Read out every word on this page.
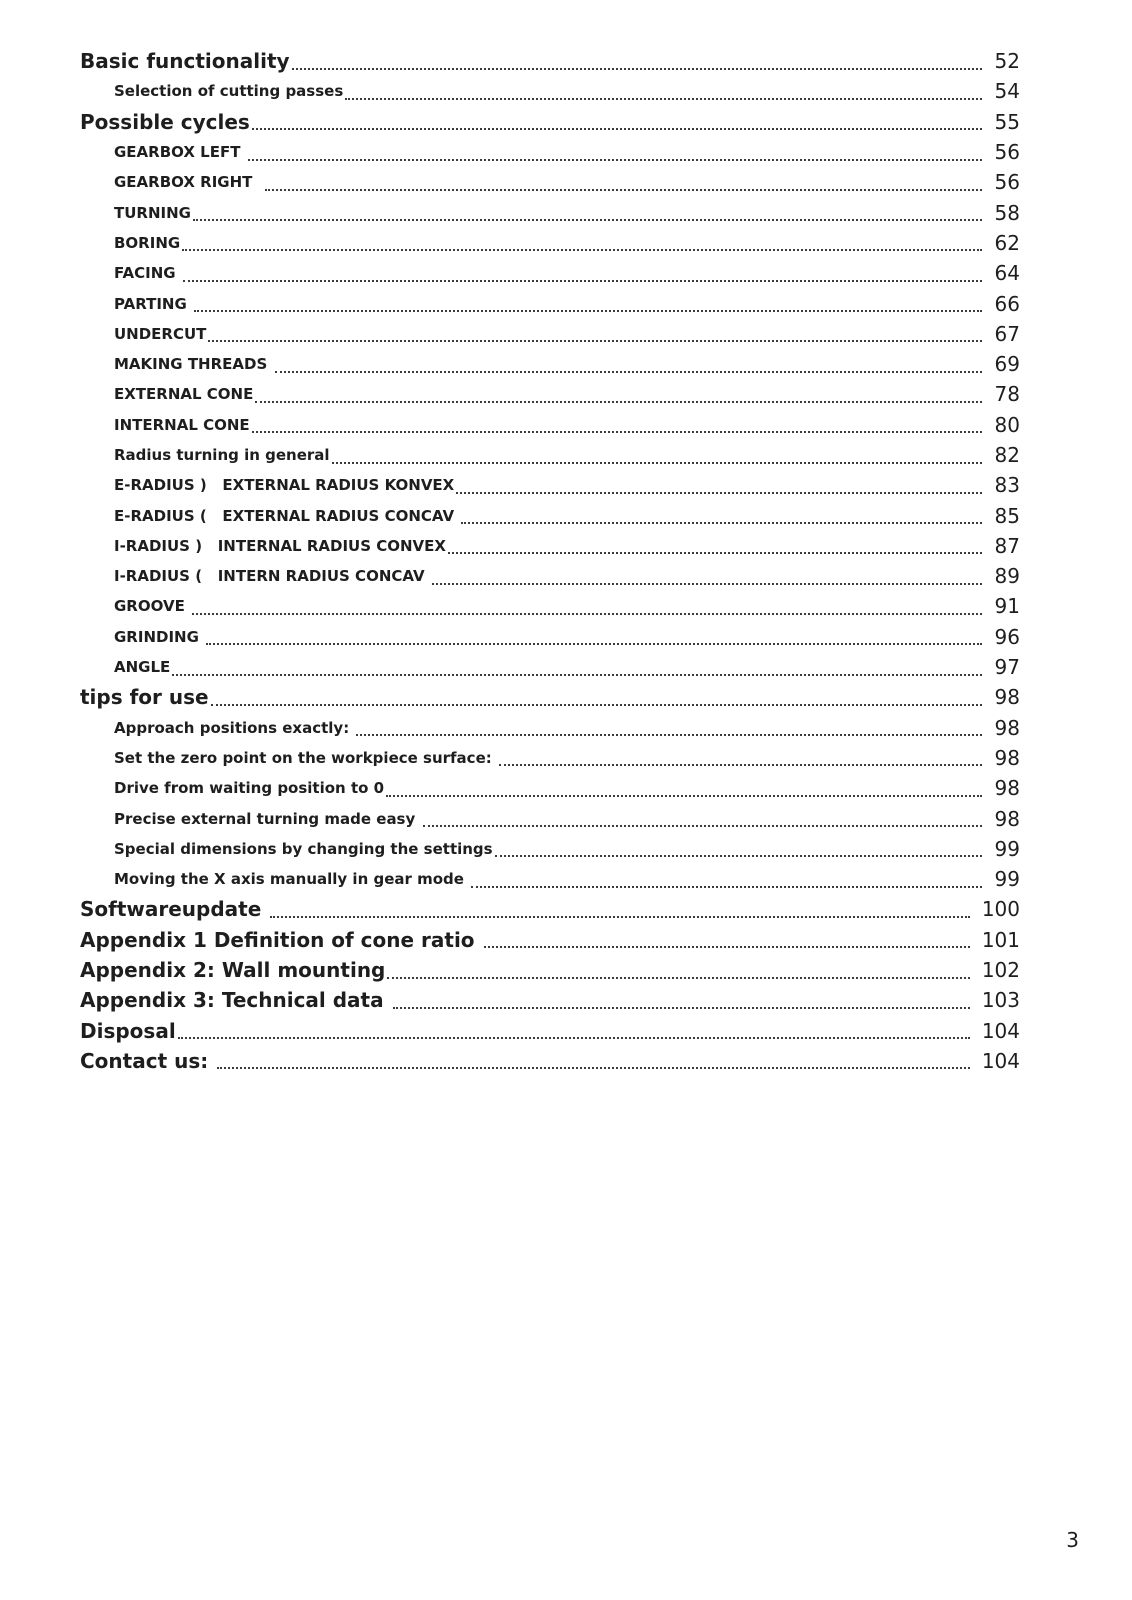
Basic functionality	52
Selection of cutting passes	54
Possible cycles	55
GEARBOX LEFT	56
GEARBOX RIGHT	56
TURNING	58
BORING	62
FACING	64
PARTING	66
UNDERCUT	67
MAKING THREADS	69
EXTERNAL CONE	78
INTERNAL CONE	80
Radius turning in general	82
E-RADIUS )   EXTERNAL RADIUS KONVEX	83
E-RADIUS (   EXTERNAL RADIUS CONCAV	85
I-RADIUS )   INTERNAL RADIUS CONVEX	87
I-RADIUS (   INTERN RADIUS CONCAV	89
GROOVE	91
GRINDING	96
ANGLE	97
tips for use	98
Approach positions exactly:	98
Set the zero point on the workpiece surface:	98
Drive from waiting position to 0	98
Precise external turning made easy	98
Special dimensions by changing the settings	99
Moving the X axis manually in gear mode	99
Softwareupdate	100
Appendix 1 Definition of cone ratio	101
Appendix 2: Wall mounting	102
Appendix 3: Technical data	103
Disposal	104
Contact us:	104
3
